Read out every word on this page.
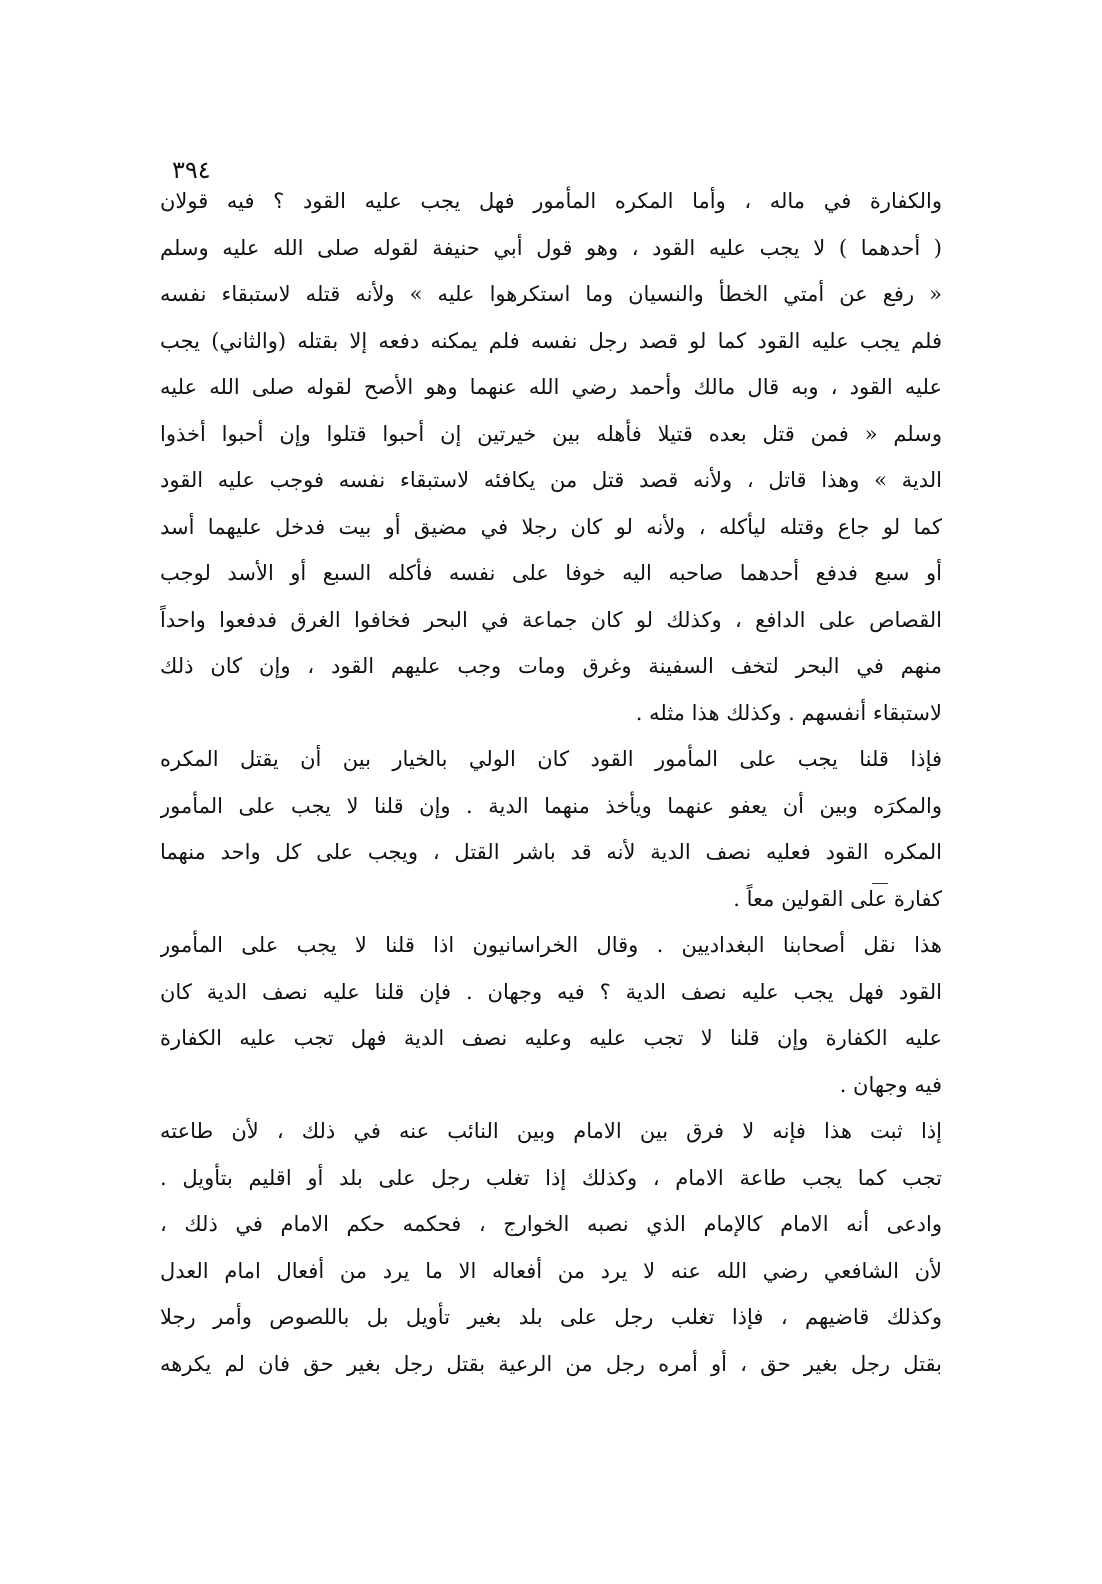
٣٩٤
والكفارة في ماله ، وأما المكره المأمور فهل يجب عليه القود ؟ فيه قولان
( أحدهما ) لا يجب عليه القود ، وهو قول أبي حنيفة لقوله صلى الله عليه وسلم
« رفع عن أمتي الخطأ والنسيان وما استكرهوا عليه » ولأنه قتله لاستبقاء نفسه
فلم يجب عليه القود كما لو قصد رجل نفسه فلم يمكنه دفعه إلا بقتله (والثاني) يجب
عليه القود ، وبه قال مالك وأحمد رضي الله عنهما وهو الأصح لقوله صلى الله عليه
وسلم « فمن قتل بعده قتيلا فأهله بين خيرتين إن أحبوا قتلوا وإن أحبوا أخذوا
الدية » وهذا قاتل ، ولأنه قصد قتل من يكافئه لاستبقاء نفسه فوجب عليه القود
كما لو جاع وقتله ليأكله ، ولأنه لو كان رجلا في مضيق أو بيت فدخل عليهما أسد
أو سبع فدفع أحدهما صاحبه اليه خوفا على نفسه فأكله السبع أو الأسد لوجب
القصاص على الدافع ، وكذلك لو كان جماعة في البحر فخافوا الغرق فدفعوا واحداً
منهم في البحر لتخف السفينة وغرق ومات وجب عليهم القود ، وإن كان ذلك
لاستبقاء أنفسهم . وكذلك هذا مثله .
فإذا قلنا يجب على المأمور القود كان الولي بالخيار بين أن يقتل المكره
والمكرَه وبين أن يعفو عنهما ويأخذ منهما الدية . وإن قلنا لا يجب على المأمور
المكره القود فعليه نصف الدية لأنه قد باشر القتل ، ويجب على كل واحد منهما
كفارة على القولين معاً .
هذا نقل أصحابنا البغداديين . وقال الخراسانيون اذا قلنا لا يجب على المأمور
القود فهل يجب عليه نصف الدية ؟ فيه وجهان . فإن قلنا عليه نصف الدية كان
عليه الكفارة وإن قلنا لا تجب عليه وعليه نصف الدية فهل تجب عليه الكفارة
فيه وجهان .
إذا ثبت هذا فإنه لا فرق بين الامام وبين النائب عنه في ذلك ، لأن طاعته
تجب كما يجب طاعة الامام ، وكذلك إذا تغلب رجل على بلد أو اقليم بتأويل .
وادعى أنه الامام كالإمام الذي نصبه الخوارج ، فحكمه حكم الامام في ذلك ،
لأن الشافعي رضي الله عنه لا يرد من أفعاله الا ما يرد من أفعال امام العدل
وكذلك قاضيهم ، فإذا تغلب رجل على بلد بغير تأويل بل باللصوص وأمر رجلا
بقتل رجل بغير حق ، أو أمره رجل من الرعية بقتل رجل بغير حق فان لم يكرهه
